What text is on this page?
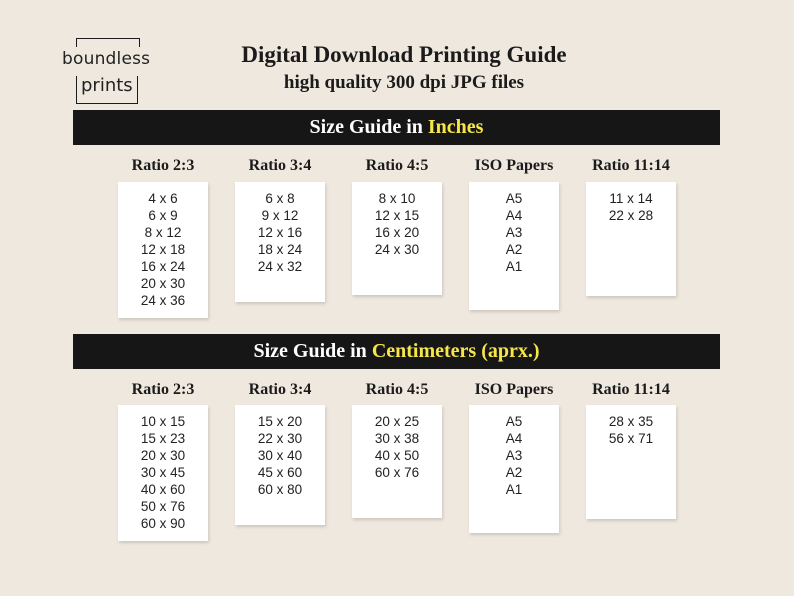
boundless
prints
Digital Download Printing Guide
high quality 300 dpi JPG files
Size Guide in Inches
Ratio 2:3
4 x 6
6 x 9
8 x 12
12 x 18
16 x 24
20 x 30
24 x 36
Ratio 3:4
6 x 8
9 x 12
12 x 16
18 x 24
24 x 32
Ratio 4:5
8 x 10
12 x 15
16 x 20
24 x 30
ISO Papers
A5
A4
A3
A2
A1
Ratio 11:14
11 x 14
22 x 28
Size Guide in Centimeters (aprx.)
Ratio 2:3
10 x 15
15 x 23
20 x 30
30 x 45
40 x 60
50 x 76
60 x 90
Ratio 3:4
15 x 20
22 x 30
30 x 40
45 x 60
60 x 80
Ratio 4:5
20 x 25
30 x 38
40 x 50
60 x 76
ISO Papers
A5
A4
A3
A2
A1
Ratio 11:14
28 x 35
56 x 71
